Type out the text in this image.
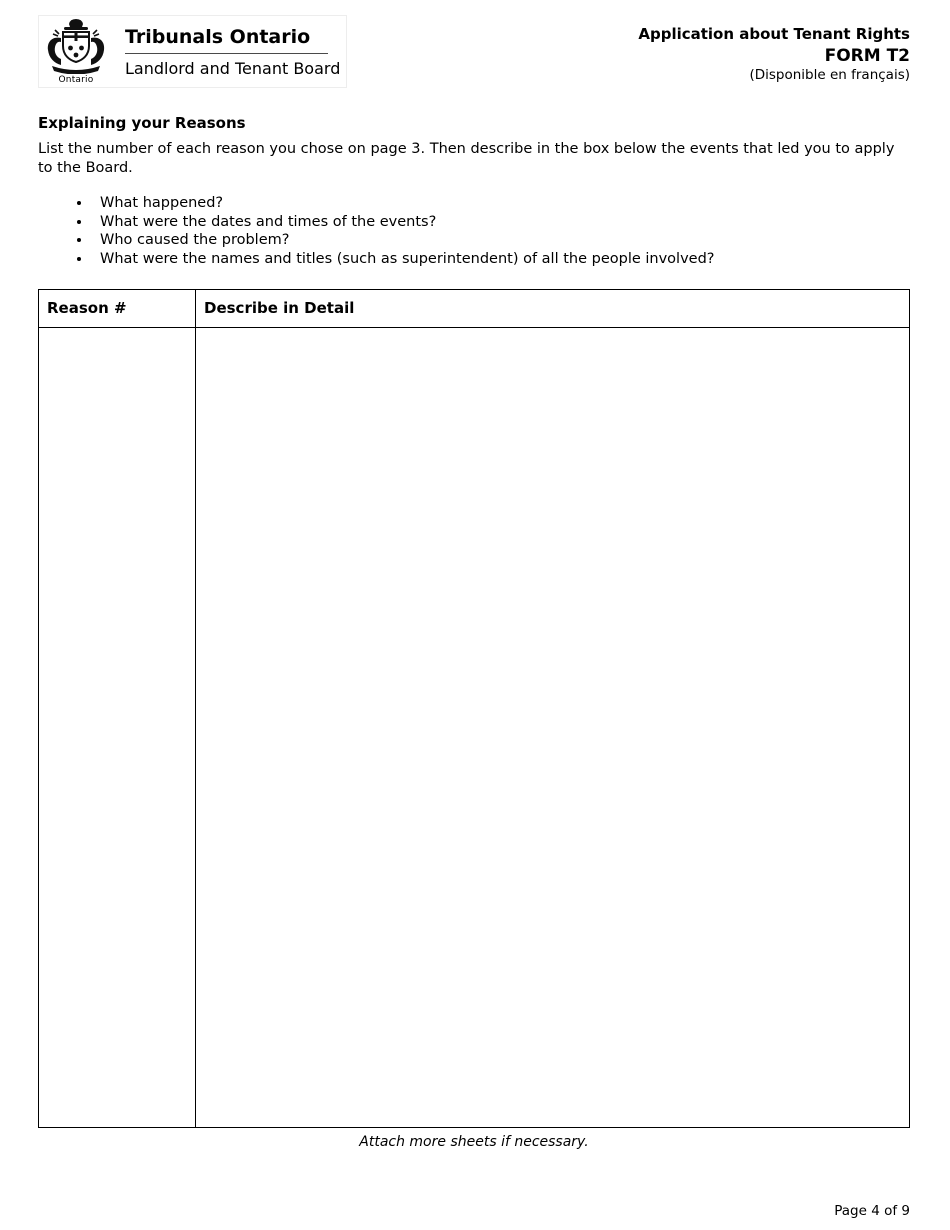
Ontario
Tribunals Ontario
Landlord and Tenant Board
Application about Tenant Rights
FORM T2
(Disponible en français)
Explaining your Reasons
List the number of each reason you chose on page 3. Then describe in the box below the events that led you to apply to the Board.
• What happened?
• What were the dates and times of the events?
• Who caused the problem?
• What were the names and titles (such as superintendent) of all the people involved?
Reason #	Describe in Detail

Attach more sheets if necessary.
Page 4 of 9
